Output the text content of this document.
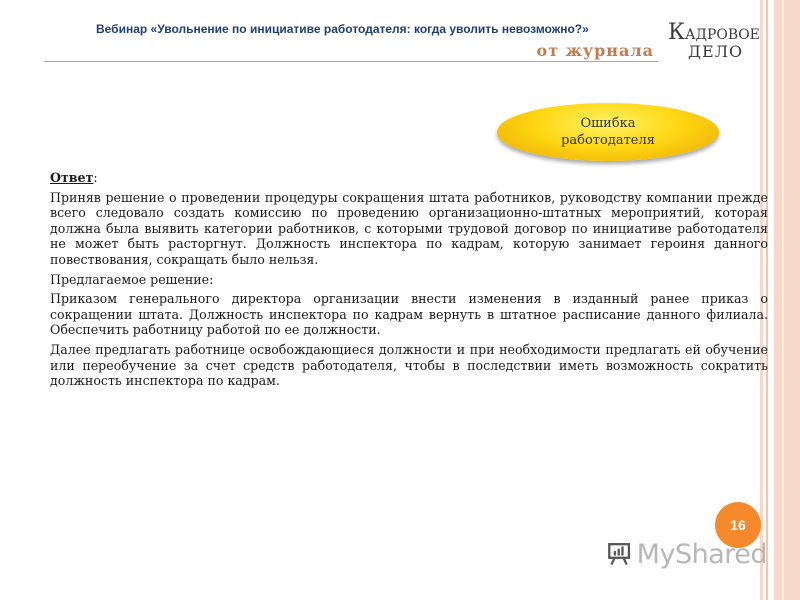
Вебинар «Увольнение по инициативе работодателя: когда уволить невозможно?»
от журнала
КАДРОВОЕ
ДЕЛО
Ошибка работодателя

Ответ:

Приняв решение о проведении процедуры сокращения штата работников, руководству компании прежде всего следовало создать комиссию по проведению организационно-штатных мероприятий, которая должна была выявить категории работников, с которыми трудовой договор по инициативе работодателя не может быть расторгнут. Должность инспектора по кадрам, которую занимает героиня данного повествования, сокращать было нельзя.

Предлагаемое решение:

Приказом генерального директора организации внести изменения в изданный ранее приказ о сокращении штата. Должность инспектора по кадрам вернуть в штатное расписание данного филиала. Обеспечить работницу работой по ее должности.

Далее предлагать работнице освобождающиеся должности и при необходимости предлагать ей обучение или переобучение за счет средств работодателя, чтобы в последствии иметь возможность сократить должность инспектора по кадрам.

16
MyShared
